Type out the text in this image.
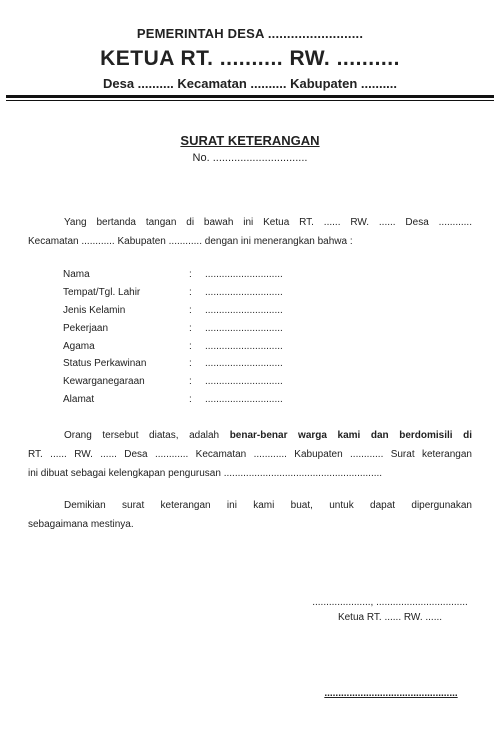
PEMERINTAH DESA .........................
KETUA RT. .......... RW. ..........
Desa .......... Kecamatan .......... Kabupaten ..........
SURAT KETERANGAN
No. ...............................
Yang bertanda tangan di bawah ini Ketua RT. ...... RW. ...... Desa ............
Kecamatan ............ Kabupaten ............ dengan ini menerangkan bahwa :
Nama	:	............................
Tempat/Tgl. Lahir	:	............................
Jenis Kelamin	:	............................
Pekerjaan	:	............................
Agama	:	............................
Status Perkawinan	:	............................
Kewarganegaraan	:	............................
Alamat	:	............................
Orang tersebut diatas, adalah benar-benar warga kami dan berdomisili di
RT. ...... RW. ...... Desa ............ Kecamatan ............ Kabupaten ............ Surat keterangan
ini dibuat sebagai kelengkapan pengurusan .........................................................
Demikian surat keterangan ini kami buat, untuk dapat dipergunakan
sebagaimana mestinya.
....................., .................................
Ketua RT. ...... RW. ......
................................................
